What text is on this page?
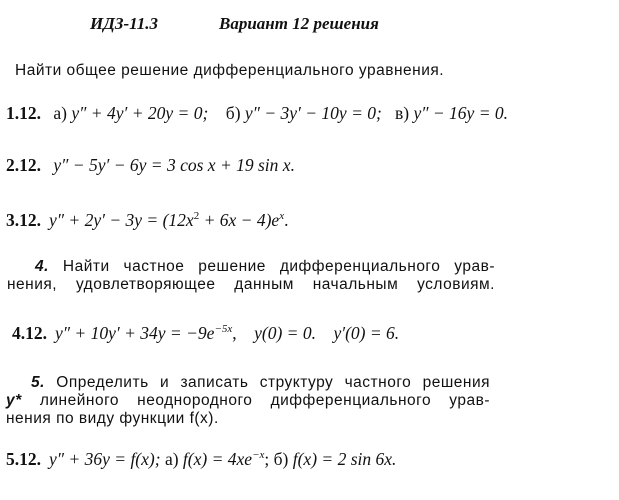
ИДЗ-11.3	Вариант 12 решения
Найти общее решение дифференциального уравнения.
1.12. а) y″ + 4y′ + 20y = 0; б) y″ − 3y′ − 10y = 0; в) y″ − 16y = 0.
2.12. y″ − 5y′ − 6y = 3 cos x + 19 sin x.
3.12. $y'' + 2y' - 3y = (12x^2 + 6x - 4)e^x$.
4. Найти частное решение дифференциального урав-
нения, удовлетворяющее данным начальным условиям.
4.12. $y'' + 10y' + 34y = -9e^{-5x}$, y(0) = 0. y′(0) = 6.
5. Определить и записать структуру частного решения
y* линейного неоднородного дифференциального урав-
нения по виду функции f(x).
5.12. y″ + 36y = f(x); а) $f(x) = 4xe^{-x}$; б) f(x) = 2 sin 6x.
